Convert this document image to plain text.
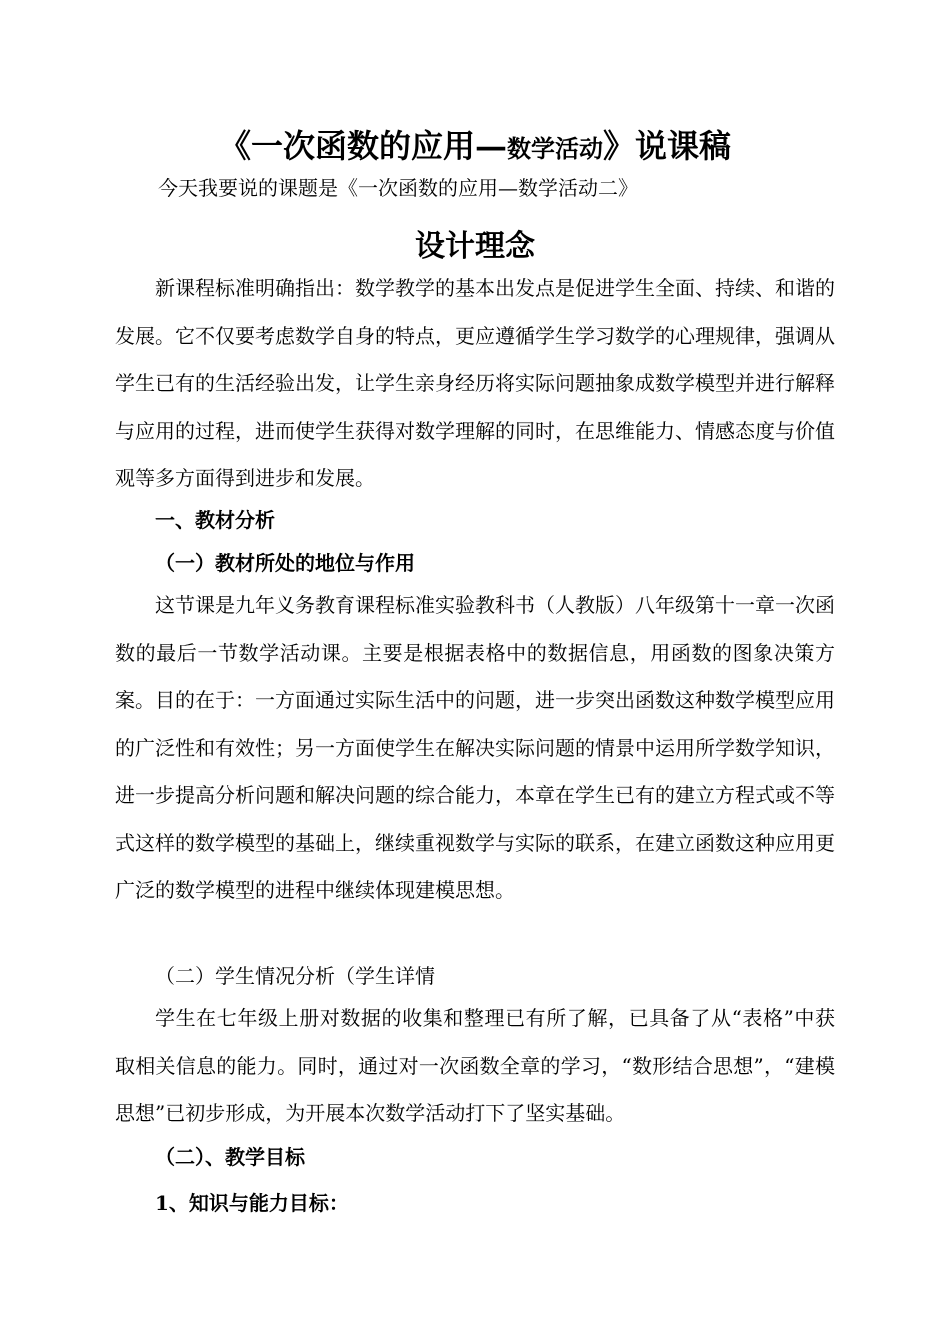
《一次函数的应用—数学活动》说课稿
今天我要说的课题是《一次函数的应用—数学活动二》
设计理念

新课程标准明确指出：数学教学的基本出发点是促进学生全面、持续、和谐的发展。它不仅要考虑数学自身的特点，更应遵循学生学习数学的心理规律，强调从学生已有的生活经验出发，让学生亲身经历将实际问题抽象成数学模型并进行解释与应用的过程，进而使学生获得对数学理解的同时，在思维能力、情感态度与价值观等多方面得到进步和发展。

一、教材分析

（一）教材所处的地位与作用

这节课是九年义务教育课程标准实验教科书（人教版）八年级第十一章一次函数的最后一节数学活动课。主要是根据表格中的数据信息，用函数的图象决策方案。目的在于：一方面通过实际生活中的问题，进一步突出函数这种数学模型应用的广泛性和有效性；另一方面使学生在解决实际问题的情景中运用所学数学知识，进一步提高分析问题和解决问题的综合能力，本章在学生已有的建立方程式或不等式这样的数学模型的基础上，继续重视数学与实际的联系，在建立函数这种应用更广泛的数学模型的进程中继续体现建模思想。

（二）学生情况分析（学生详情

学生在七年级上册对数据的收集和整理已有所了解，已具备了从“表格”中获取相关信息的能力。同时，通过对一次函数全章的学习，“数形结合思想”，“建模思想”已初步形成，为开展本次数学活动打下了坚实基础。

（二）、教学目标

1、知识与能力目标：
